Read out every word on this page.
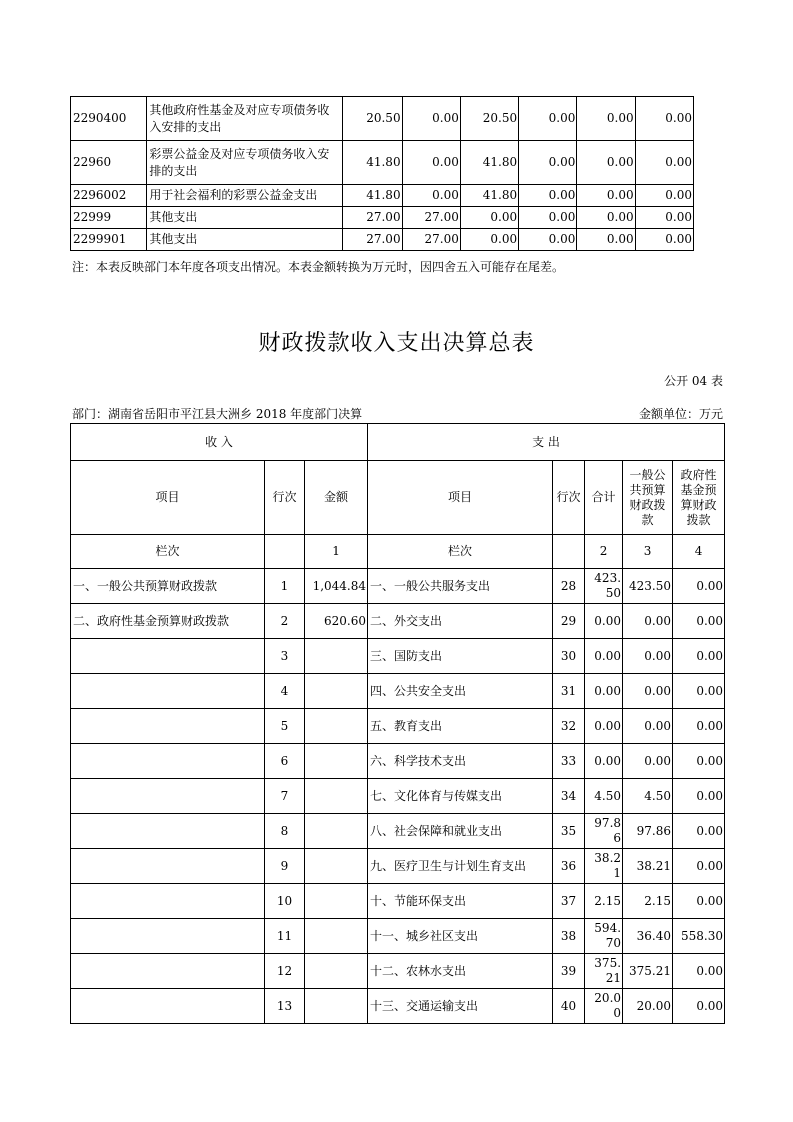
2290400	其他政府性基金及对应专项债务收入安排的支出	20.50	0.00	20.50	0.00	0.00	0.00
22960	彩票公益金及对应专项债务收入安排的支出	41.80	0.00	41.80	0.00	0.00	0.00
2296002	用于社会福利的彩票公益金支出	41.80	0.00	41.80	0.00	0.00	0.00
22999	其他支出	27.00	27.00	0.00	0.00	0.00	0.00
2299901	其他支出	27.00	27.00	0.00	0.00	0.00	0.00
注：本表反映部门本年度各项支出情况。本表金额转换为万元时，因四舍五入可能存在尾差。
财政拨款收入支出决算总表
公开 04 表
部门：湖南省岳阳市平江县大洲乡 2018 年度部门决算	金额单位：万元
收 入			支 出				
项目	行次	金额	项目	行次	合计	一般公共预算财政拨款	政府性基金预算财政拨款
栏次		1	栏次		2	3	4
一、一般公共预算财政拨款	1	1,044.84	一、一般公共服务支出	28	423.50	423.50	0.00
二、政府性基金预算财政拨款	2	620.60	二、外交支出	29	0.00	0.00	0.00
	3		三、国防支出	30	0.00	0.00	0.00
	4		四、公共安全支出	31	0.00	0.00	0.00
	5		五、教育支出	32	0.00	0.00	0.00
	6		六、科学技术支出	33	0.00	0.00	0.00
	7		七、文化体育与传媒支出	34	4.50	4.50	0.00
	8		八、社会保障和就业支出	35	97.86	97.86	0.00
	9		九、医疗卫生与计划生育支出	36	38.21	38.21	0.00
	10		十、节能环保支出	37	2.15	2.15	0.00
	11		十一、城乡社区支出	38	594.70	36.40	558.30
	12		十二、农林水支出	39	375.21	375.21	0.00
	13		十三、交通运输支出	40	20.00	20.00	0.00
